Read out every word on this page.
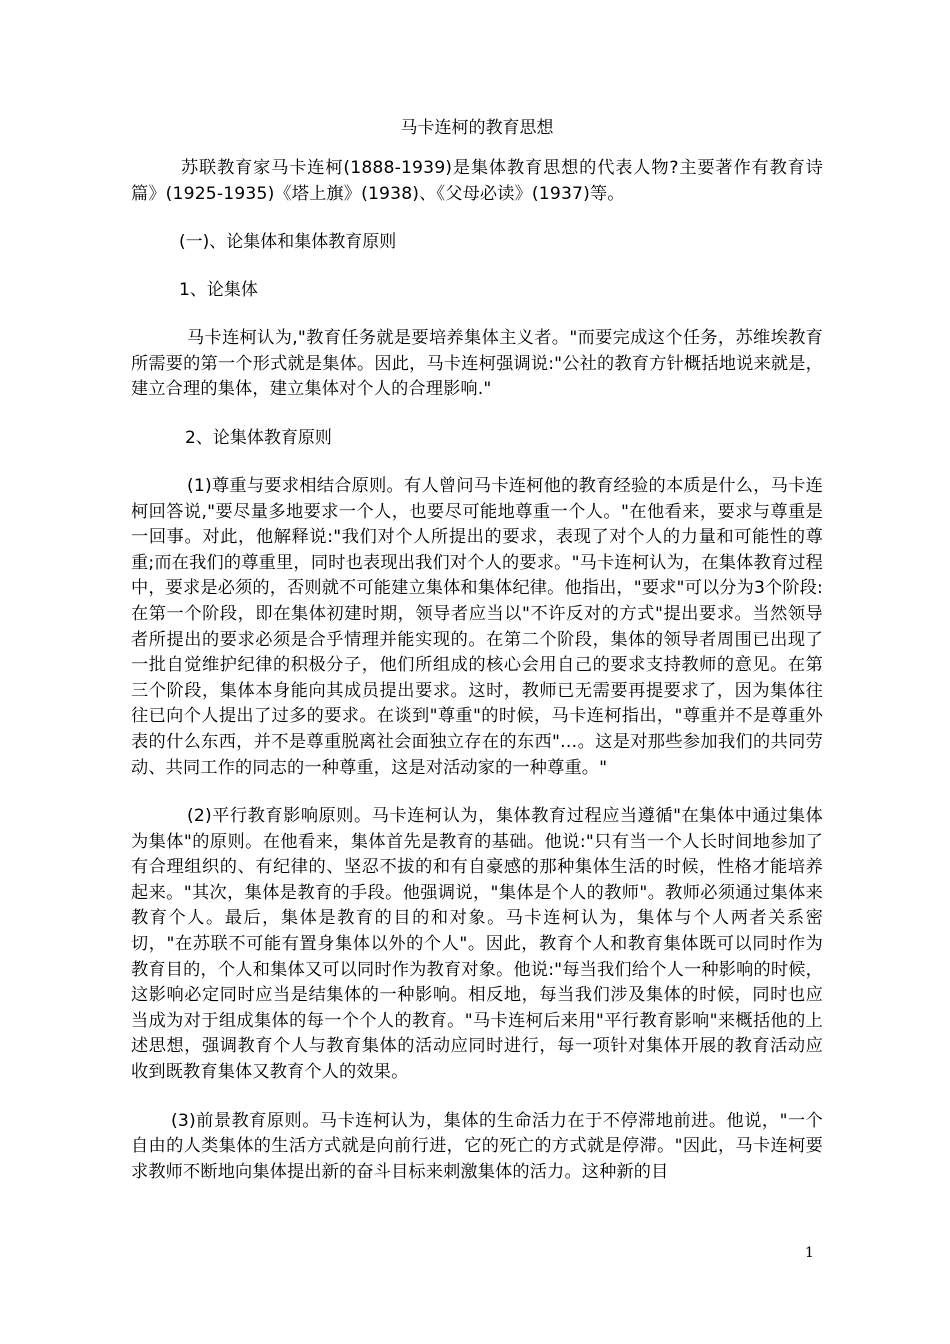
马卡连柯的教育思想

苏联教育家马卡连柯(1888-1939)是集体教育思想的代表人物?主要著作有教育诗篇》(1925-1935)《塔上旗》(1938)、《父母必读》(1937)等。

(一)、论集体和集体教育原则
1、论集体

马卡连柯认为,"教育任务就是要培养集体主义者。"而要完成这个任务，苏维埃教育所需要的第一个形式就是集体。因此，马卡连柯强调说:"公社的教育方针概括地说来就是，建立合理的集体，建立集体对个人的合理影响."

2、论集体教育原则

(1)尊重与要求相结合原则。有人曾问马卡连柯他的教育经验的本质是什么，马卡连柯回答说,"要尽量多地要求一个人，也要尽可能地尊重一个人。"在他看来，要求与尊重是一回事。对此，他解释说:"我们对个人所提出的要求，表现了对个人的力量和可能性的尊重;而在我们的尊重里，同时也表现出我们对个人的要求。"马卡连柯认为，在集体教育过程中，要求是必须的，否则就不可能建立集体和集体纪律。他指出，"要求"可以分为3个阶段:在第一个阶段，即在集体初建时期，领导者应当以"不许反对的方式"提出要求。当然领导者所提出的要求必须是合乎情理并能实现的。在第二个阶段，集体的领导者周围已出现了一批自觉维护纪律的积极分子，他们所组成的核心会用自己的要求支持教师的意见。在第三个阶段，集体本身能向其成员提出要求。这时，教师已无需要再提要求了，因为集体往往已向个人提出了过多的要求。在谈到"尊重"的时候，马卡连柯指出，"尊重并不是尊重外表的什么东西，并不是尊重脱离社会面独立存在的东西"…。这是对那些参加我们的共同劳动、共同工作的同志的一种尊重，这是对活动家的一种尊重。"

(2)平行教育影响原则。马卡连柯认为，集体教育过程应当遵循"在集体中通过集体为集体"的原则。在他看来，集体首先是教育的基础。他说:"只有当一个人长时间地参加了有合理组织的、有纪律的、坚忍不拔的和有自豪感的那种集体生活的时候，性格才能培养起来。"其次，集体是教育的手段。他强调说，"集体是个人的教师"。教师必须通过集体来教育个人。最后，集体是教育的目的和对象。马卡连柯认为，集体与个人两者关系密切，"在苏联不可能有置身集体以外的个人"。因此，教育个人和教育集体既可以同时作为教育目的，个人和集体又可以同时作为教育对象。他说:"每当我们给个人一种影响的时候，这影响必定同时应当是结集体的一种影响。相反地，每当我们涉及集体的时候，同时也应当成为对于组成集体的每一个个人的教育。"马卡连柯后来用"平行教育影响"来概括他的上述思想，强调教育个人与教育集体的活动应同时进行，每一项针对集体开展的教育活动应收到既教育集体又教育个人的效果。

(3)前景教育原则。马卡连柯认为，集体的生命活力在于不停滞地前进。他说，"一个自由的人类集体的生活方式就是向前行进，它的死亡的方式就是停滞。"因此，马卡连柯要求教师不断地向集体提出新的奋斗目标来刺激集体的活力。这种新的目

1
